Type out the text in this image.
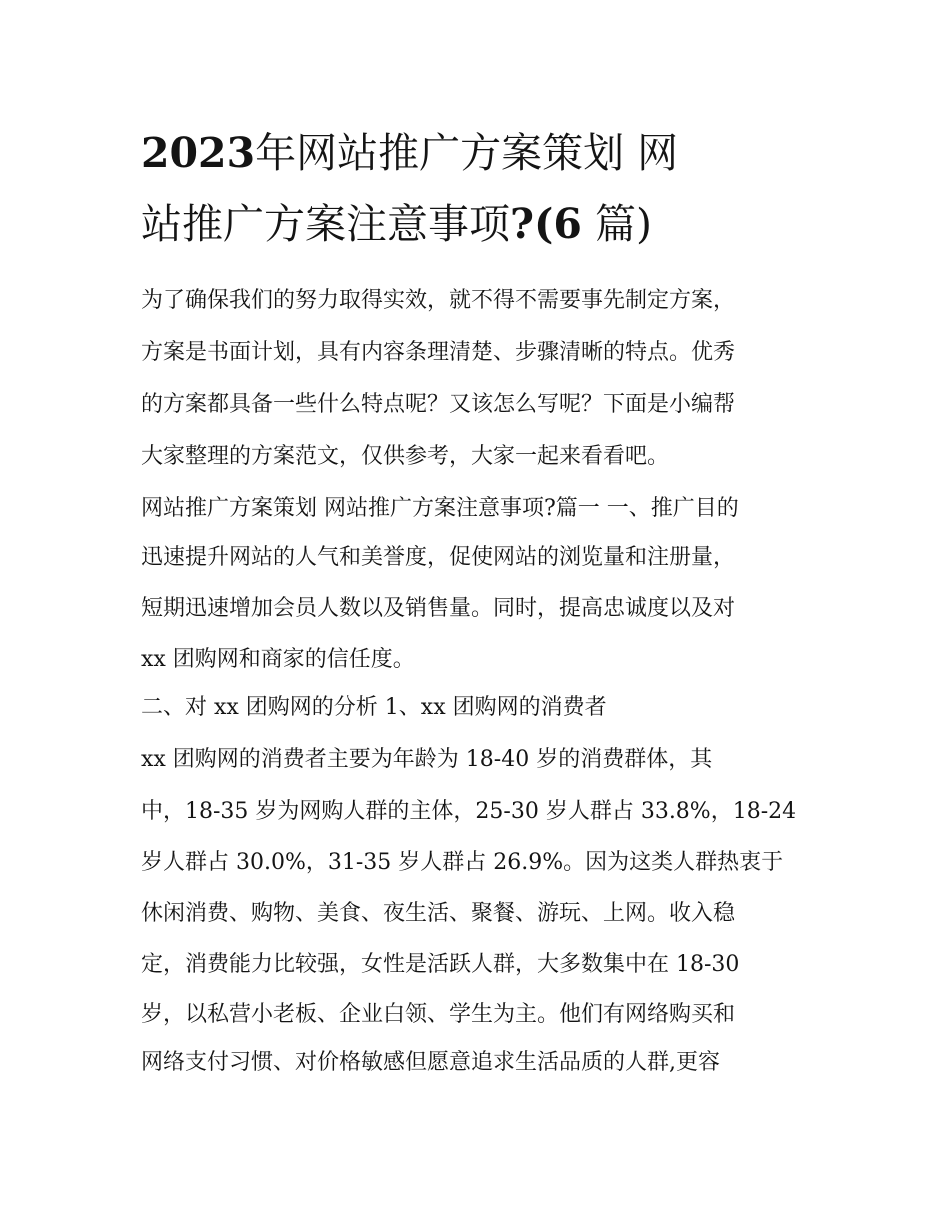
2023年网站推广方案策划 网
站推广方案注意事项?(6 篇)

为了确保我们的努力取得实效，就不得不需要事先制定方案，

方案是书面计划，具有内容条理清楚、步骤清晰的特点。优秀

的方案都具备一些什么特点呢？又该怎么写呢？下面是小编帮

大家整理的方案范文，仅供参考，大家一起来看看吧。

网站推广方案策划 网站推广方案注意事项?篇一 一、推广目的

迅速提升网站的人气和美誉度，促使网站的浏览量和注册量，

短期迅速增加会员人数以及销售量。同时，提高忠诚度以及对

xx 团购网和商家的信任度。

二、对 xx 团购网的分析 1、xx 团购网的消费者

xx 团购网的消费者主要为年龄为 18-40 岁的消费群体，其

中，18-35 岁为网购人群的主体，25-30 岁人群占 33.8%，18-24

岁人群占 30.0%，31-35 岁人群占 26.9%。因为这类人群热衷于

休闲消费、购物、美食、夜生活、聚餐、游玩、上网。收入稳

定，消费能力比较强，女性是活跃人群，大多数集中在 18-30

岁，以私营小老板、企业白领、学生为主。他们有网络购买和

网络支付习惯、对价格敏感但愿意追求生活品质的人群,更容
